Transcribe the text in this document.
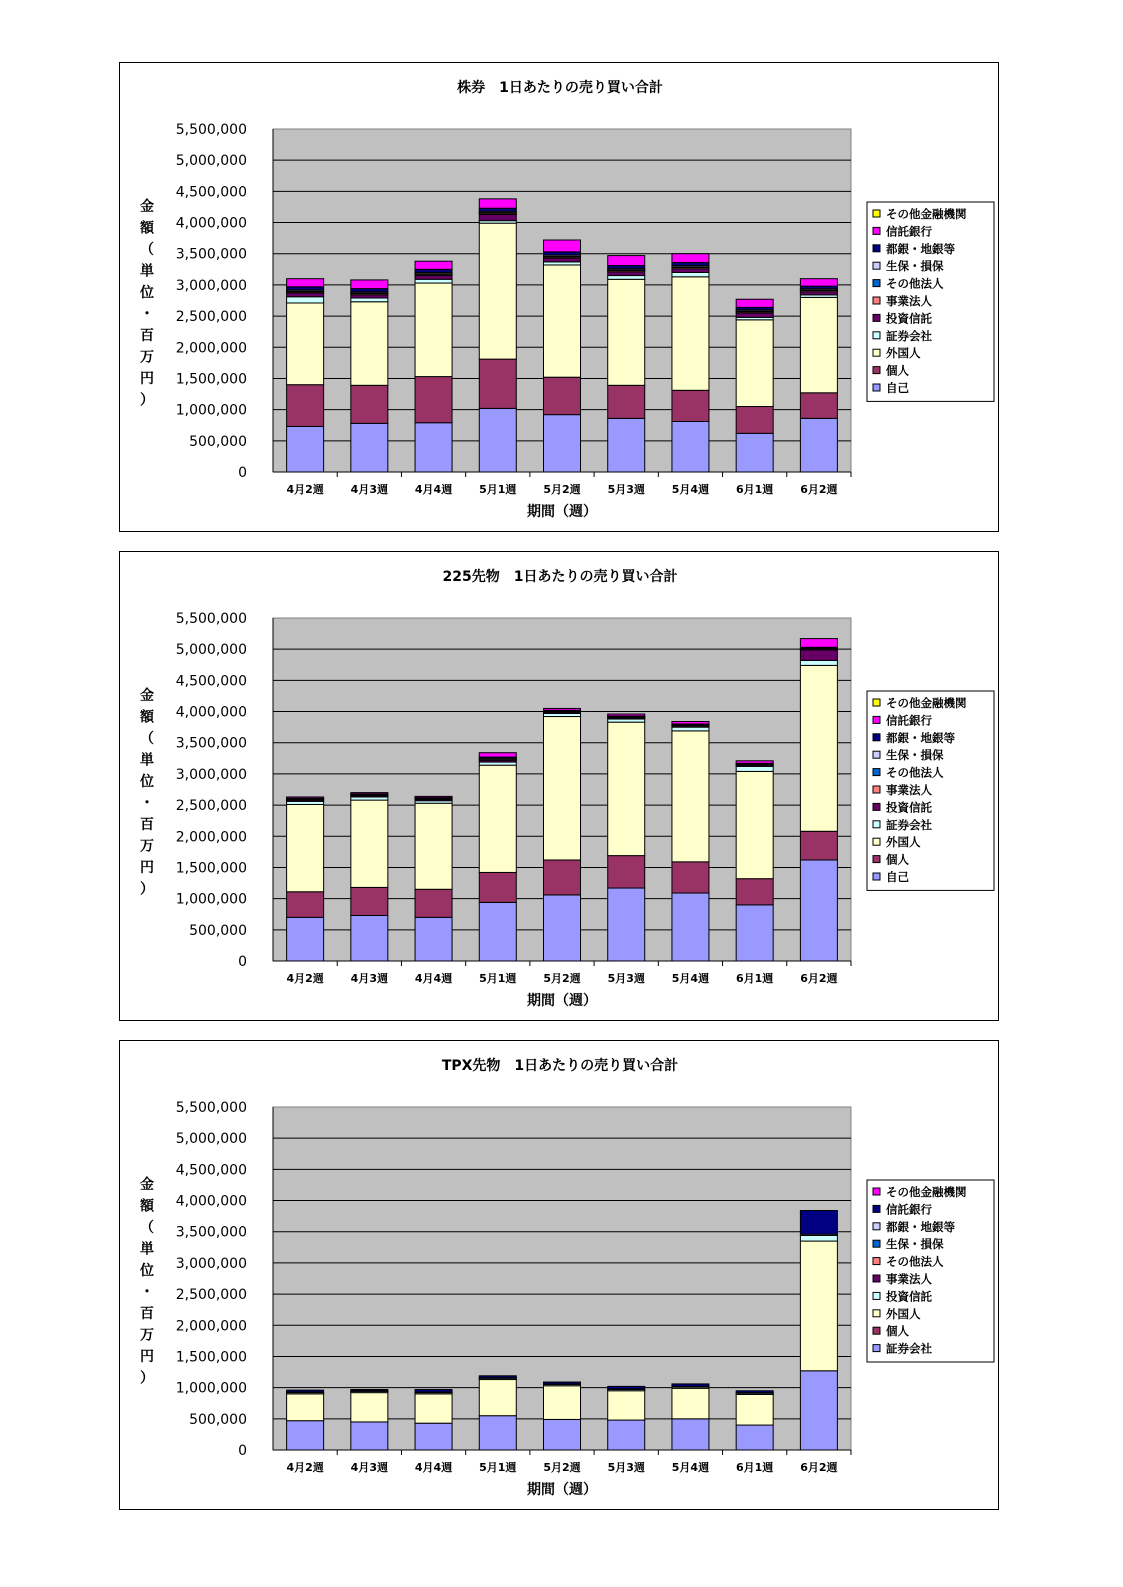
株券　1日あたりの売り買い合計
5,500,000
5,000,000
4,500,000
4,000,000
3,500,000
3,000,000
2,500,000
2,000,000
1,500,000
1,000,000
500,000
0
4月2週 4月3週 4月4週 5月1週 5月2週 5月3週 5月4週 6月1週 6月2週
期間（週）
金額（単位・百万円）
その他金融機関
信託銀行
都銀・地銀等
生保・損保
その他法人
事業法人
投資信託
証券会社
外国人
個人
自己
225先物　1日あたりの売り買い合計
5,500,000
5,000,000
4,500,000
4,000,000
3,500,000
3,000,000
2,500,000
2,000,000
1,500,000
1,000,000
500,000
0
4月2週 4月3週 4月4週 5月1週 5月2週 5月3週 5月4週 6月1週 6月2週
期間（週）
金額（単位・百万円）
その他金融機関
信託銀行
都銀・地銀等
生保・損保
その他法人
事業法人
投資信託
証券会社
外国人
個人
自己
TPX先物　1日あたりの売り買い合計
5,500,000
5,000,000
4,500,000
4,000,000
3,500,000
3,000,000
2,500,000
2,000,000
1,500,000
1,000,000
500,000
0
4月2週 4月3週 4月4週 5月1週 5月2週 5月3週 5月4週 6月1週 6月2週
期間（週）
金額（単位・百万円）
その他金融機関
信託銀行
都銀・地銀等
生保・損保
その他法人
事業法人
投資信託
外国人
個人
証券会社
